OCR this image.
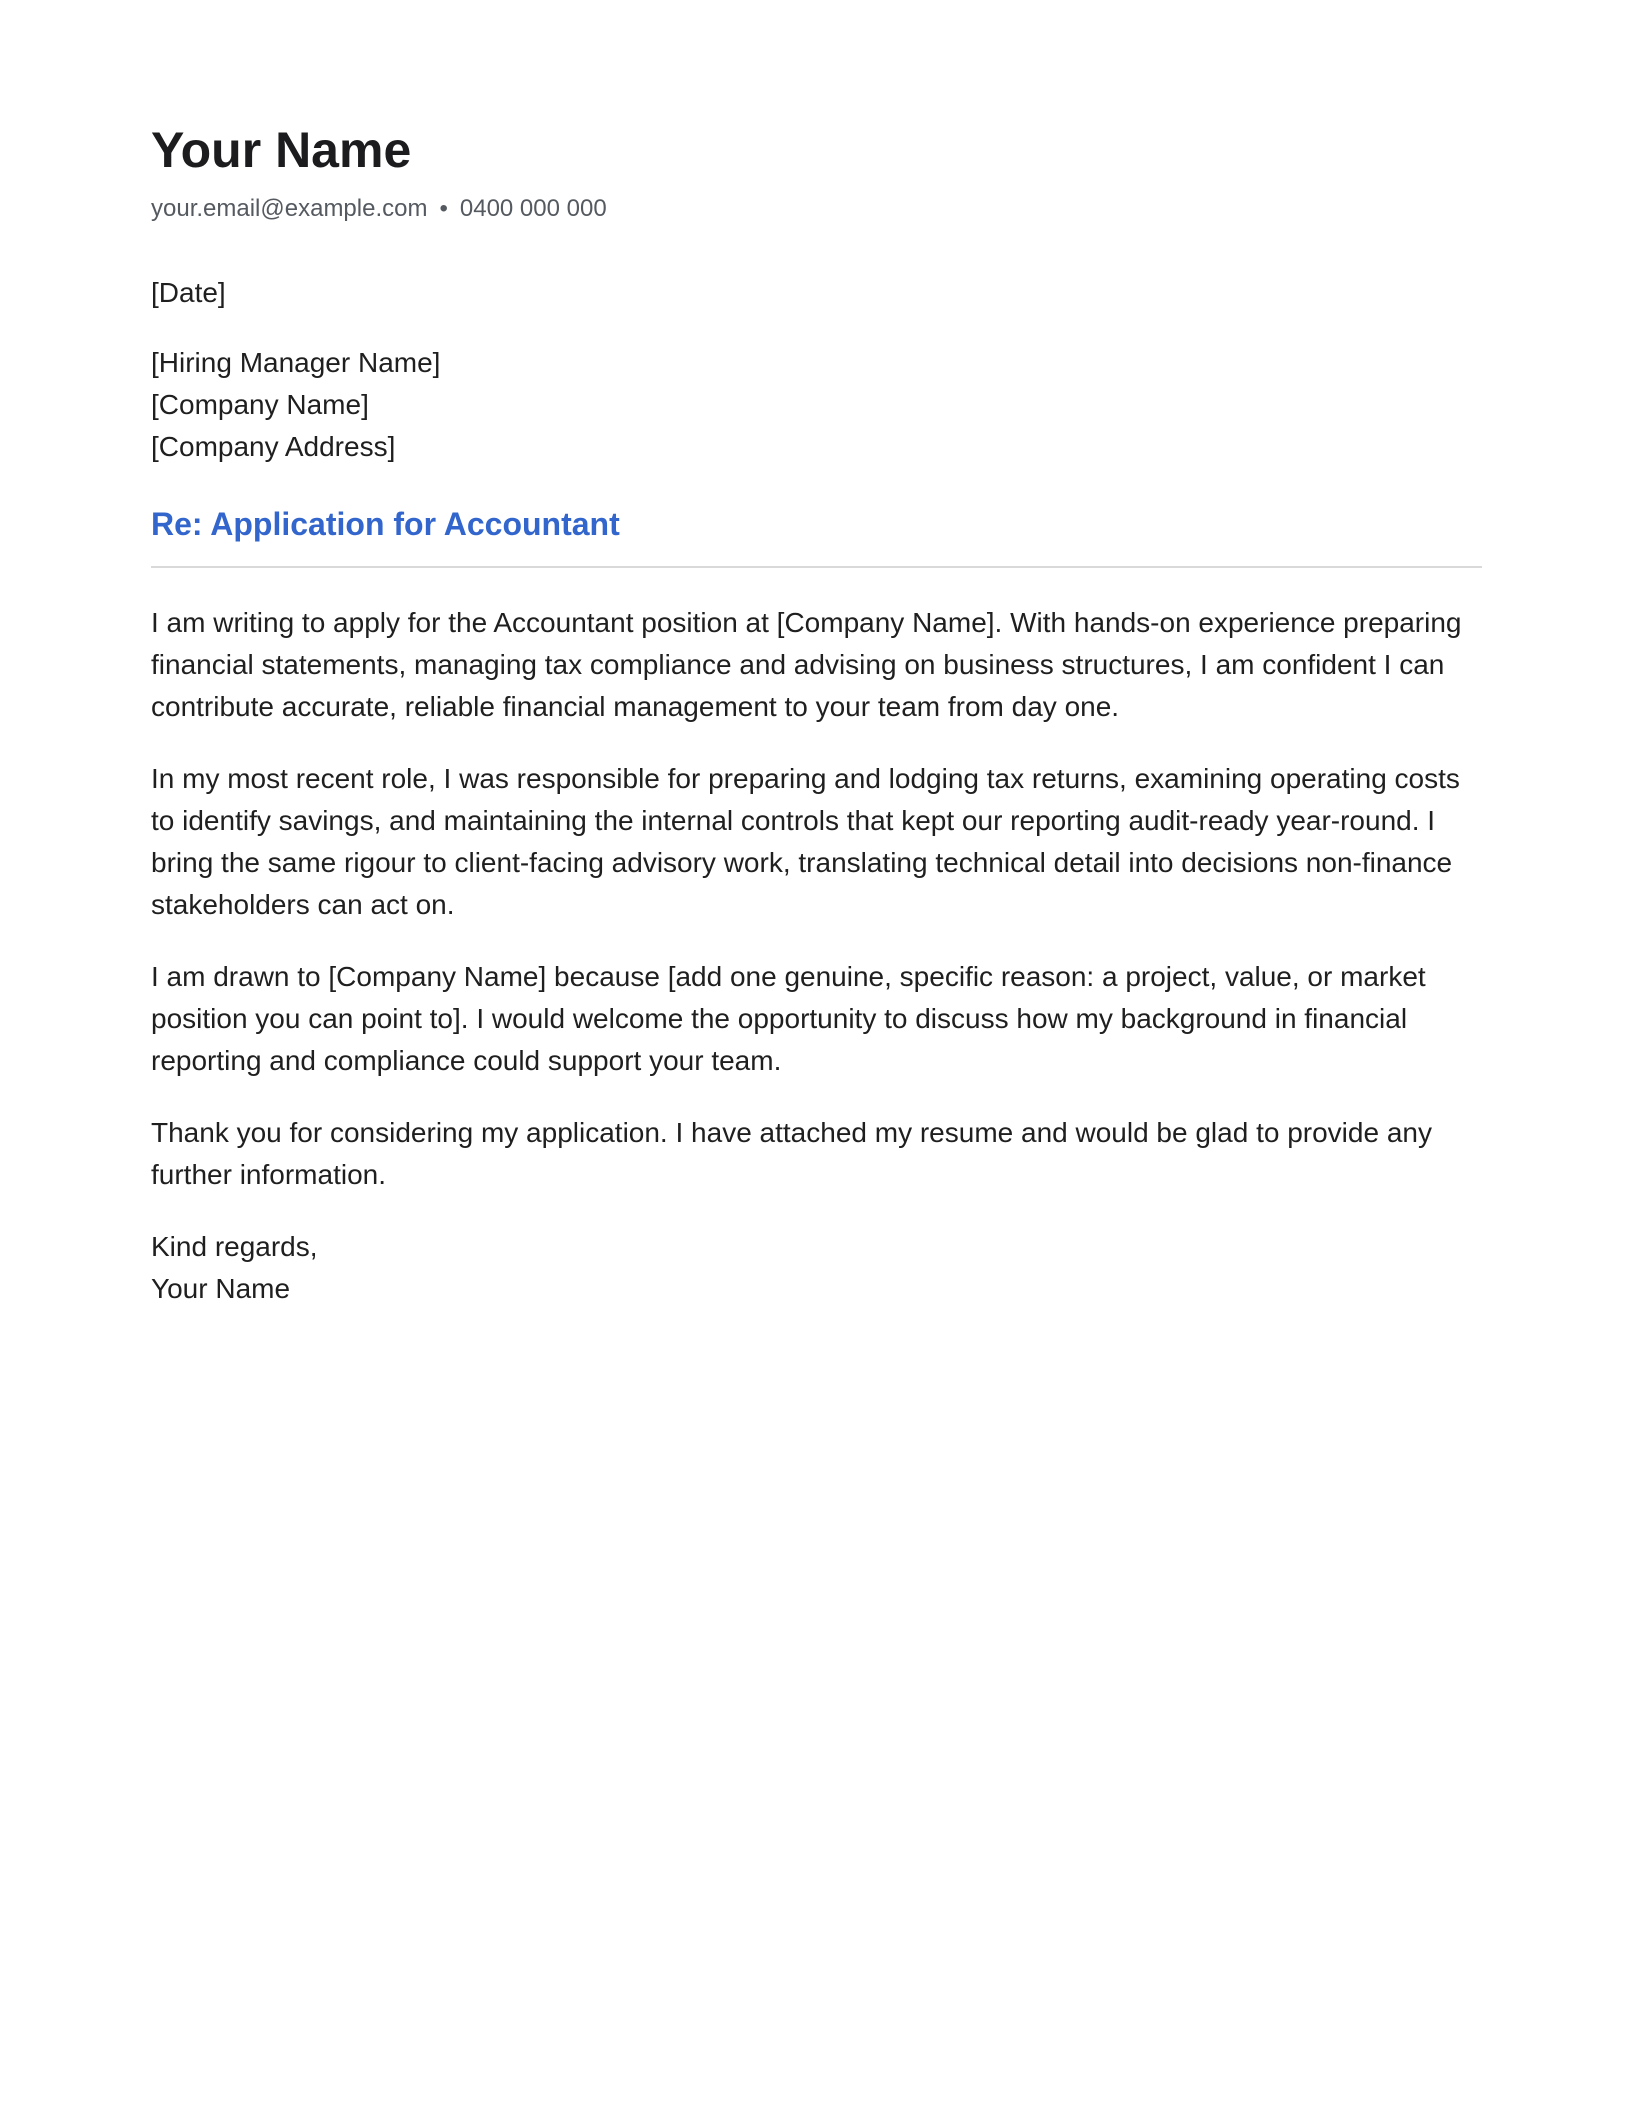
Your Name
your.email@example.com • 0400 000 000
[Date]
[Hiring Manager Name]
[Company Name]
[Company Address]
Re: Application for Accountant

I am writing to apply for the Accountant position at [Company Name]. With hands-on experience preparing financial statements, managing tax compliance and advising on business structures, I am confident I can contribute accurate, reliable financial management to your team from day one.

In my most recent role, I was responsible for preparing and lodging tax returns, examining operating costs to identify savings, and maintaining the internal controls that kept our reporting audit-ready year-round. I bring the same rigour to client-facing advisory work, translating technical detail into decisions non-finance stakeholders can act on.

I am drawn to [Company Name] because [add one genuine, specific reason: a project, value, or market position you can point to]. I would welcome the opportunity to discuss how my background in financial reporting and compliance could support your team.

Thank you for considering my application. I have attached my resume and would be glad to provide any further information.

Kind regards,
Your Name
